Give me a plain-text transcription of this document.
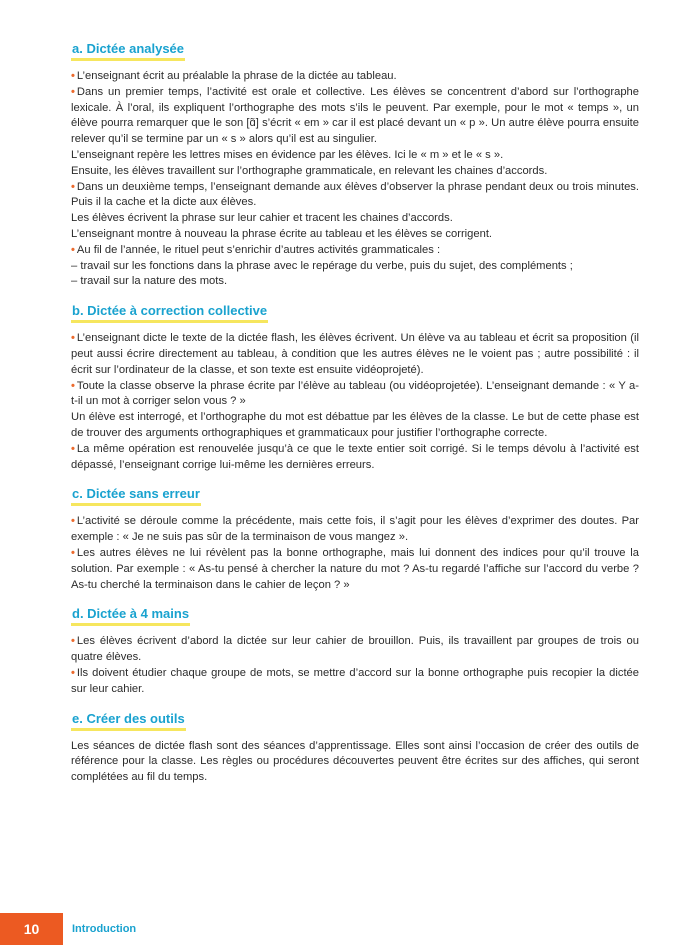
a. Dictée analysée

• L’enseignant écrit au préalable la phrase de la dictée au tableau.

• Dans un premier temps, l’activité est orale et collective. Les élèves se concentrent d’abord sur l’orthographe lexicale. À l’oral, ils expliquent l’orthographe des mots s’ils le peuvent. Par exemple, pour le mot « temps », un élève pourra remarquer que le son [ɑ̃] s’écrit « em » car il est placé devant un « p ». Un autre élève pourra ensuite relever qu’il se termine par un « s » alors qu’il est au singulier.

L’enseignant repère les lettres mises en évidence par les élèves. Ici le « m » et le « s ».

Ensuite, les élèves travaillent sur l’orthographe grammaticale, en relevant les chaines d’accords.

• Dans un deuxième temps, l’enseignant demande aux élèves d’observer la phrase pendant deux ou trois minutes. Puis il la cache et la dicte aux élèves.

Les élèves écrivent la phrase sur leur cahier et tracent les chaines d’accords.

L’enseignant montre à nouveau la phrase écrite au tableau et les élèves se corrigent.

• Au fil de l’année, le rituel peut s’enrichir d’autres activités grammaticales :

– travail sur les fonctions dans la phrase avec le repérage du verbe, puis du sujet, des compléments ;

– travail sur la nature des mots.

b. Dictée à correction collective

• L’enseignant dicte le texte de la dictée flash, les élèves écrivent. Un élève va au tableau et écrit sa proposition (il peut aussi écrire directement au tableau, à condition que les autres élèves ne le voient pas ; autre possibilité : il écrit sur l’ordinateur de la classe, et son texte est ensuite vidéoprojeté).

• Toute la classe observe la phrase écrite par l’élève au tableau (ou vidéoprojetée). L’enseignant demande : « Y a-t-il un mot à corriger selon vous ? »

Un élève est interrogé, et l’orthographe du mot est débattue par les élèves de la classe. Le but de cette phase est de trouver des arguments orthographiques et grammaticaux pour justifier l’orthographe correcte.

• La même opération est renouvelée jusqu’à ce que le texte entier soit corrigé. Si le temps dévolu à l’activité est dépassé, l’enseignant corrige lui-même les dernières erreurs.

c. Dictée sans erreur

• L’activité se déroule comme la précédente, mais cette fois, il s’agit pour les élèves d’exprimer des doutes. Par exemple : « Je ne suis pas sûr de la terminaison de vous mangez ».

• Les autres élèves ne lui révèlent pas la bonne orthographe, mais lui donnent des indices pour qu’il trouve la solution. Par exemple : « As-tu pensé à chercher la nature du mot ? As-tu regardé l’affiche sur l’accord du verbe ? As-tu cherché la terminaison dans le cahier de leçon ? »

d. Dictée à 4 mains

• Les élèves écrivent d’abord la dictée sur leur cahier de brouillon. Puis, ils travaillent par groupes de trois ou quatre élèves.

• Ils doivent étudier chaque groupe de mots, se mettre d’accord sur la bonne orthographe puis recopier la dictée sur leur cahier.

e. Créer des outils

Les séances de dictée flash sont des séances d’apprentissage. Elles sont ainsi l’occasion de créer des outils de référence pour la classe. Les règles ou procédures découvertes peuvent être écrites sur des affiches, qui seront complétées au fil du temps.

10	Introduction
